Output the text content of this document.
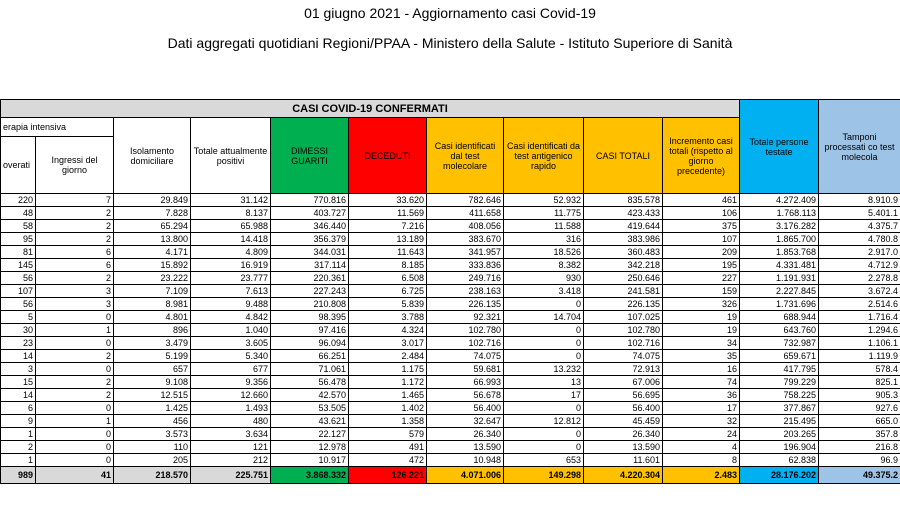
01 giugno 2021 - Aggiornamento casi Covid-19
Dati aggregati quotidiani Regioni/PPAA - Ministero della Salute - Istituto Superiore di Sanità
CASI COVID-19 CONFERMATI										Totale persone testate	Tamponi processati co test molecola
erapia intensiva		Isolamento domiciliare	Totale attualmente positivi	DIMESSI GUARITI	DECEDUTI	Casi identificati dal test molecolare	Casi identificati da test antigenico rapido	CASI TOTALI	Incremento casi totali (rispetto al giorno precedente)		
overati	Ingressi del giorno										
220	7	29.849	31.142	770.816	33.620	782.646	52.932	835.578	461	4.272.409	8.910.9
48	2	7.828	8.137	403.727	11.569	411.658	11.775	423.433	106	1.768.113	5.401.1
58	2	65.294	65.988	346.440	7.216	408.056	11.588	419.644	375	3.176.282	4.375.7
95	2	13.800	14.418	356.379	13.189	383.670	316	383.986	107	1.865.700	4.780.8
81	6	4.171	4.809	344.031	11.643	341.957	18.526	360.483	209	1.853.768	2.917.0
145	6	15.892	16.919	317.114	8.185	333.836	8.382	342.218	195	4.331.481	4.712.9
56	2	23.222	23.777	220.361	6.508	249.716	930	250.646	227	1.191.931	2.278.8
107	3	7.109	7.613	227.243	6.725	238.163	3.418	241.581	159	2.227.845	3.672.4
56	3	8.981	9.488	210.808	5.839	226.135	0	226.135	326	1.731.696	2.514.6
5	0	4.801	4.842	98.395	3.788	92.321	14.704	107.025	19	688.944	1.716.4
30	1	896	1.040	97.416	4.324	102.780	0	102.780	19	643.760	1.294.6
23	0	3.479	3.605	96.094	3.017	102.716	0	102.716	34	732.987	1.106.1
14	2	5.199	5.340	66.251	2.484	74.075	0	74.075	35	659.671	1.119.9
3	0	657	677	71.061	1.175	59.681	13.232	72.913	16	417.795	578.4
15	2	9.108	9.356	56.478	1.172	66.993	13	67.006	74	799.229	825.1
14	2	12.515	12.660	42.570	1.465	56.678	17	56.695	36	758.225	905.3
6	0	1.425	1.493	53.505	1.402	56.400	0	56.400	17	377.867	927.6
9	1	456	480	43.621	1.358	32.647	12.812	45.459	32	215.495	665.0
1	0	3.573	3.634	22.127	579	26.340	0	26.340	24	203.265	357.8
2	0	110	121	12.978	491	13.590	0	13.590	4	196.904	216.8
1	0	205	212	10.917	472	10.948	653	11.601	8	62.838	96.9
989	41	218.570	225.751	3.868.332	126.221	4.071.006	149.298	4.220.304	2.483	28.176.202	49.375.2
